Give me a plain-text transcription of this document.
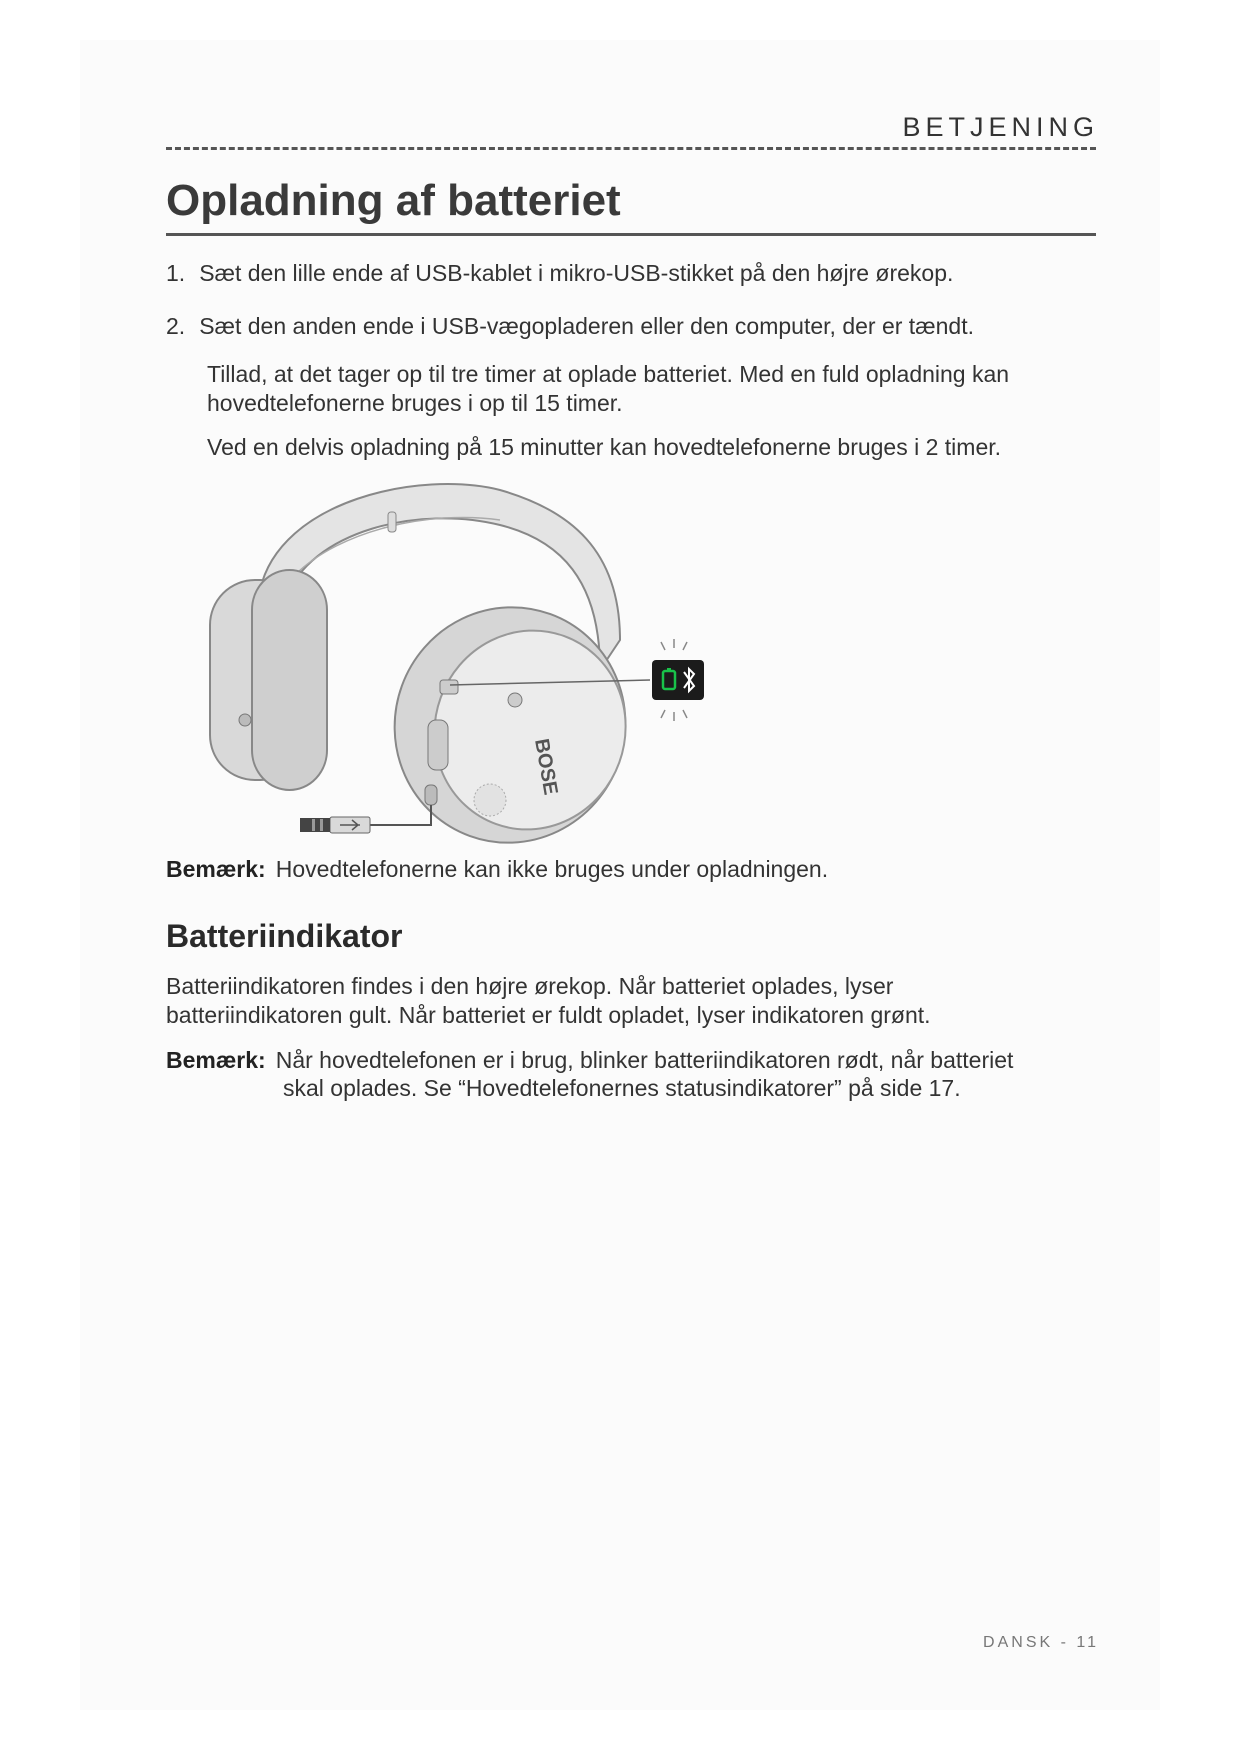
BETJENING
Opladning af batteriet
1. Sæt den lille ende af USB-kablet i mikro-USB-stikket på den højre ørekop.
2. Sæt den anden ende i USB-vægopladeren eller den computer, der er tændt.

Tillad, at det tager op til tre timer at oplade batteriet. Med en fuld opladning kan
hovedtelefonerne bruges i op til 15 timer.

Ved en delvis opladning på 15 minutter kan hovedtelefonerne bruges i 2 timer.

BOSE
Bemærk: Hovedtelefonerne kan ikke bruges under opladningen.
Batteriindikator

Batteriindikatoren findes i den højre ørekop. Når batteriet oplades, lyser
batteriindikatoren gult. Når batteriet er fuldt opladet, lyser indikatoren grønt.

Bemærk: Når hovedtelefonen er i brug, blinker batteriindikatoren rødt, når batteriet
skal oplades. Se “Hovedtelefonernes statusindikatorer” på side 17.
DANSK - 11
